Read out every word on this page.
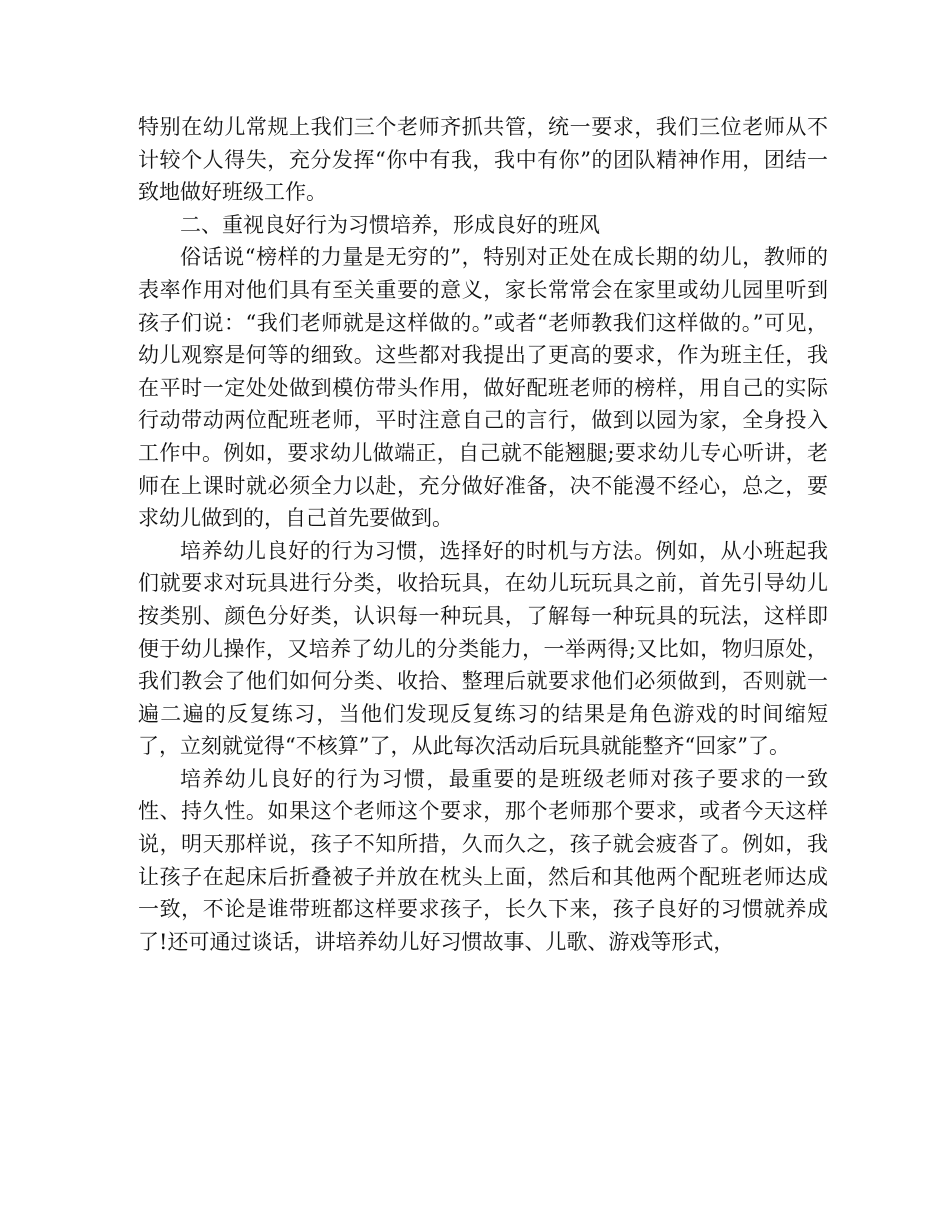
特别在幼儿常规上我们三个老师齐抓共管，统一要求，我们三位老师从不计较个人得失，充分发挥“你中有我，我中有你”的团队精神作用，团结一致地做好班级工作。

二、重视良好行为习惯培养，形成良好的班风

俗话说“榜样的力量是无穷的”，特别对正处在成长期的幼儿，教师的表率作用对他们具有至关重要的意义，家长常常会在家里或幼儿园里听到孩子们说：“我们老师就是这样做的。”或者“老师教我们这样做的。”可见，幼儿观察是何等的细致。这些都对我提出了更高的要求，作为班主任，我在平时一定处处做到模仿带头作用，做好配班老师的榜样，用自己的实际行动带动两位配班老师，平时注意自己的言行，做到以园为家，全身投入工作中。例如，要求幼儿做端正，自己就不能翘腿;要求幼儿专心听讲，老师在上课时就必须全力以赴，充分做好准备，决不能漫不经心，总之，要求幼儿做到的，自己首先要做到。

培养幼儿良好的行为习惯，选择好的时机与方法。例如，从小班起我们就要求对玩具进行分类，收拾玩具，在幼儿玩玩具之前，首先引导幼儿按类别、颜色分好类，认识每一种玩具，了解每一种玩具的玩法，这样即便于幼儿操作，又培养了幼儿的分类能力，一举两得;又比如，物归原处，我们教会了他们如何分类、收拾、整理后就要求他们必须做到，否则就一遍二遍的反复练习，当他们发现反复练习的结果是角色游戏的时间缩短了，立刻就觉得“不核算”了，从此每次活动后玩具就能整齐“回家”了。

培养幼儿良好的行为习惯，最重要的是班级老师对孩子要求的一致性、持久性。如果这个老师这个要求，那个老师那个要求，或者今天这样说，明天那样说，孩子不知所措，久而久之，孩子就会疲沓了。例如，我让孩子在起床后折叠被子并放在枕头上面，然后和其他两个配班老师达成一致，不论是谁带班都这样要求孩子，长久下来，孩子良好的习惯就养成了!还可通过谈话，讲培养幼儿好习惯故事、儿歌、游戏等形式，
